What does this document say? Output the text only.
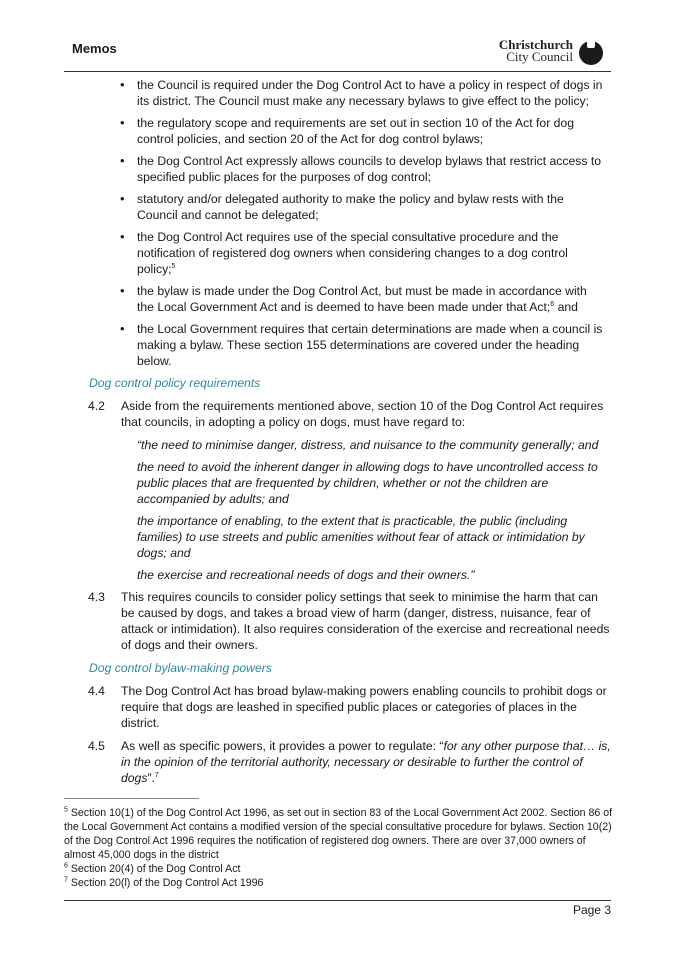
Memos	Christchurch
City Council
• the Council is required under the Dog Control Act to have a policy in respect of dogs in its district. The Council must make any necessary bylaws to give effect to the policy;
• the regulatory scope and requirements are set out in section 10 of the Act for dog control policies, and section 20 of the Act for dog control bylaws;
• the Dog Control Act expressly allows councils to develop bylaws that restrict access to specified public places for the purposes of dog control;
• statutory and/or delegated authority to make the policy and bylaw rests with the Council and cannot be delegated;
• the Dog Control Act requires use of the special consultative procedure and the notification of registered dog owners when considering changes to a dog control policy;$^5$
• the bylaw is made under the Dog Control Act, but must be made in accordance with the Local Government Act and is deemed to have been made under that Act;$^6$ and
• the Local Government requires that certain determinations are made when a council is making a bylaw. These section 155 determinations are covered under the heading below.
Dog control policy requirements
4.2 Aside from the requirements mentioned above, section 10 of the Dog Control Act requires that councils, in adopting a policy on dogs, must have regard to:
“the need to minimise danger, distress, and nuisance to the community generally; and
the need to avoid the inherent danger in allowing dogs to have uncontrolled access to public places that are frequented by children, whether or not the children are accompanied by adults; and
the importance of enabling, to the extent that is practicable, the public (including families) to use streets and public amenities without fear of attack or intimidation by dogs; and
the exercise and recreational needs of dogs and their owners.”
4.3 This requires councils to consider policy settings that seek to minimise the harm that can be caused by dogs, and takes a broad view of harm (danger, distress, nuisance, fear of attack or intimidation). It also requires consideration of the exercise and recreational needs of dogs and their owners.
Dog control bylaw-making powers
4.4 The Dog Control Act has broad bylaw-making powers enabling councils to prohibit dogs or require that dogs are leashed in specified public places or categories of places in the district.
4.5 As well as specific powers, it provides a power to regulate: “for any other purpose that… is, in the opinion of the territorial authority, necessary or desirable to further the control of dogs”.$^7$

$^5$ Section 10(1) of the Dog Control Act 1996, as set out in section 83 of the Local Government Act 2002. Section 86 of the Local Government Act contains a modified version of the special consultative procedure for bylaws. Section 10(2) of the Dog Control Act 1996 requires the notification of registered dog owners. There are over 37,000 owners of almost 45,000 dogs in the district

$^6$ Section 20(4) of the Dog Control Act

$^7$ Section 20(l) of the Dog Control Act 1996

Page 3
